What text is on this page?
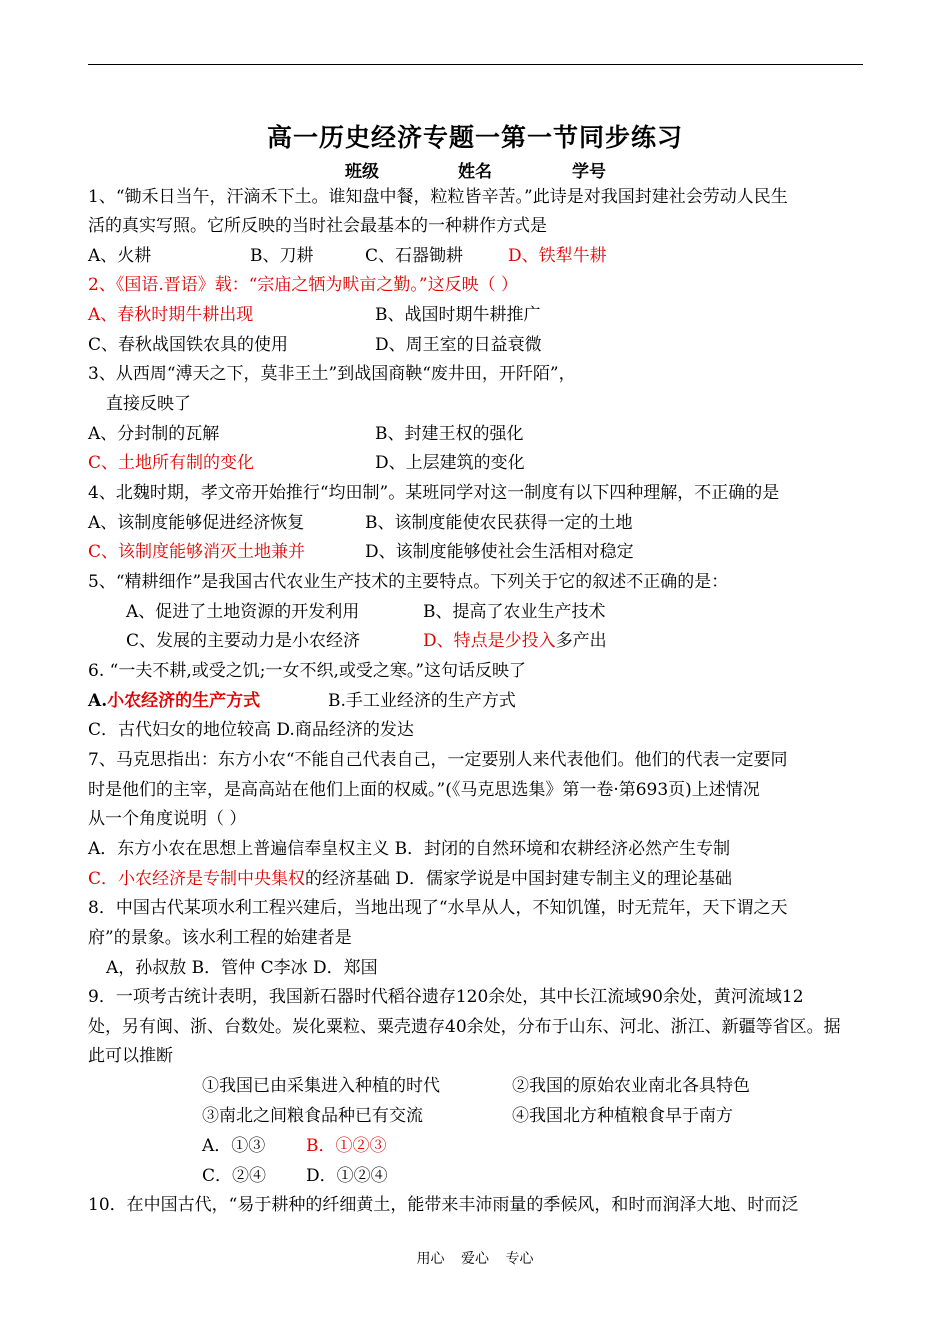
高一历史经济专题一第一节同步练习
班级	姓名	学号
1、“锄禾日当午，汗滴禾下土。谁知盘中餐，粒粒皆辛苦。”此诗是对我国封建社会劳动人民生
活的真实写照。它所反映的当时社会最基本的一种耕作方式是
A、火耕	B、刀耕	C、石器锄耕	D、铁犁牛耕
2、《国语.晋语》载：“宗庙之牺为畎亩之勤。”这反映（ ）
A、春秋时期牛耕出现	B、战国时期牛耕推广
C、春秋战国铁农具的使用	D、周王室的日益衰微
3、从西周“溥天之下，莫非王土”到战国商鞅“废井田，开阡陌”，
直接反映了
A、分封制的瓦解	B、封建王权的强化
C、土地所有制的变化	D、上层建筑的变化
4、北魏时期，孝文帝开始推行“均田制”。某班同学对这一制度有以下四种理解，不正确的是
A、该制度能够促进经济恢复	B、该制度能使农民获得一定的土地
C、该制度能够消灭土地兼并	D、该制度能够使社会生活相对稳定
5、“精耕细作”是我国古代农业生产技术的主要特点。下列关于它的叙述不正确的是：
A、促进了土地资源的开发利用	B、提高了农业生产技术
C、发展的主要动力是小农经济	D、特点是少投入多产出
6. “一夫不耕,或受之饥;一女不织,或受之寒。”这句话反映了
A.小农经济的生产方式	B.手工业经济的生产方式
C．古代妇女的地位较高 D.商品经济的发达
7、马克思指出：东方小农“不能自己代表自己，一定要别人来代表他们。他们的代表一定要同
时是他们的主宰，是高高站在他们上面的权威。”(《马克思选集》第一卷·第693页)上述情况
从一个角度说明（ ）
A．东方小农在思想上普遍信奉皇权主义 B．封闭的自然环境和农耕经济必然产生专制
C．小农经济是专制中央集权的经济基础 D．儒家学说是中国封建专制主义的理论基础
8．中国古代某项水利工程兴建后，当地出现了“水旱从人，不知饥馑，时无荒年，天下谓之天
府”的景象。该水利工程的始建者是
A，孙叔敖 B．管仲 C李冰 D．郑国
9．一项考古统计表明，我国新石器时代稻谷遗存120余处，其中长江流域90余处，黄河流域12
处，另有闽、浙、台数处。炭化粟粒、粟壳遗存40余处，分布于山东、河北、浙江、新疆等省区。据
此可以推断
①我国已由采集进入种植的时代	②我国的原始农业南北各具特色
③南北之间粮食品种已有交流	④我国北方种植粮食早于南方
A．①③ B．①②③
C．②④ D．①②④
10．在中国古代，“易于耕种的纤细黄土，能带来丰沛雨量的季候风，和时而润泽大地、时而泛
用心 爱心 专心
